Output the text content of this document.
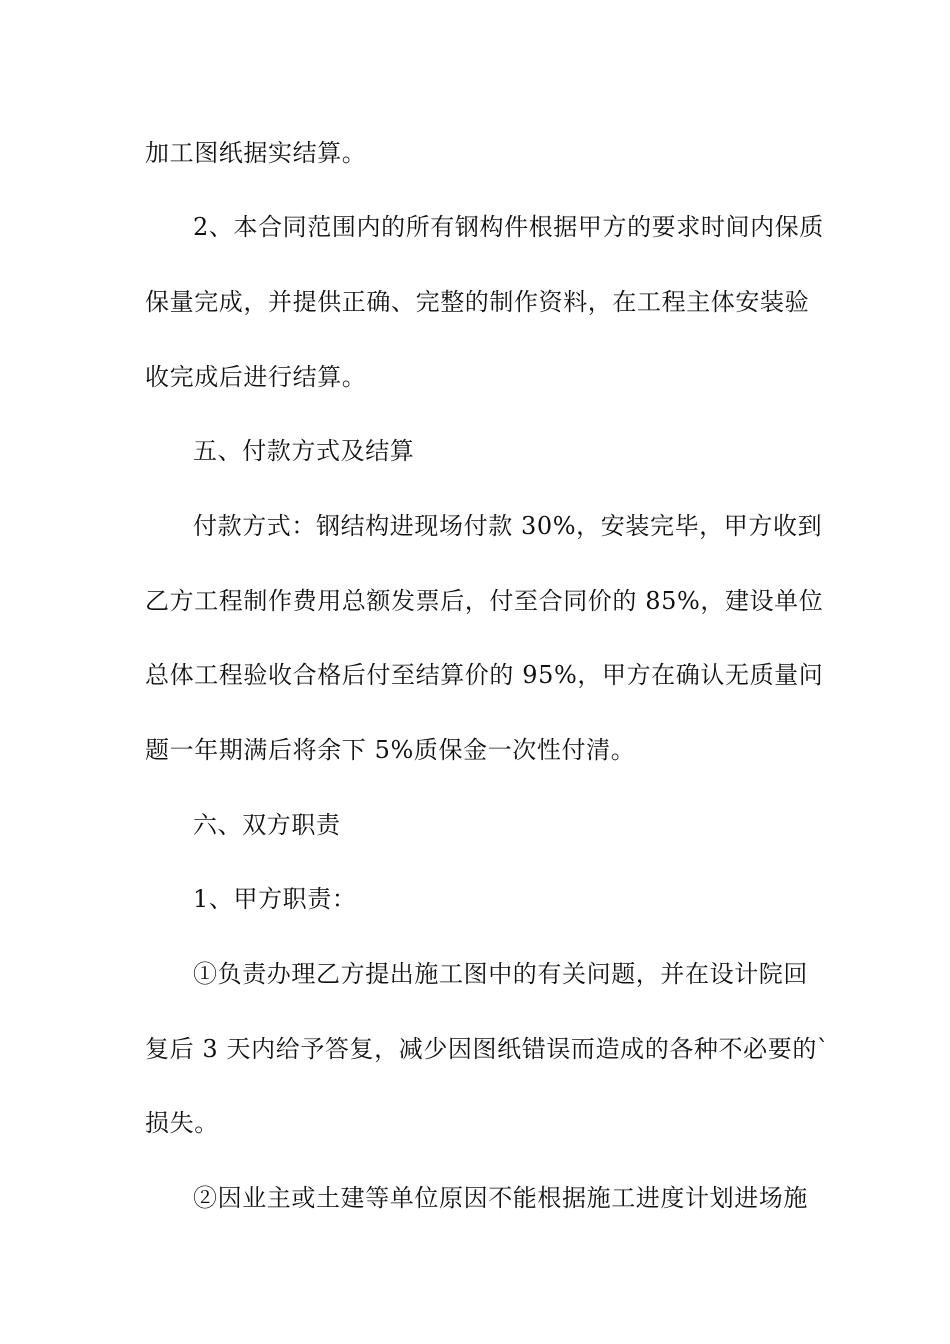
加工图纸据实结算。
2、本合同范围内的所有钢构件根据甲方的要求时间内保质
保量完成，并提供正确、完整的制作资料，在工程主体安装验
收完成后进行结算。
五、付款方式及结算
付款方式：钢结构进现场付款 30%，安装完毕，甲方收到
乙方工程制作费用总额发票后，付至合同价的 85%，建设单位
总体工程验收合格后付至结算价的 95%，甲方在确认无质量问
题一年期满后将余下 5%质保金一次性付清。
六、双方职责
1、甲方职责：
①负责办理乙方提出施工图中的有关问题，并在设计院回
复后 3 天内给予答复，减少因图纸错误而造成的各种不必要的`
损失。
②因业主或土建等单位原因不能根据施工进度计划进场施
